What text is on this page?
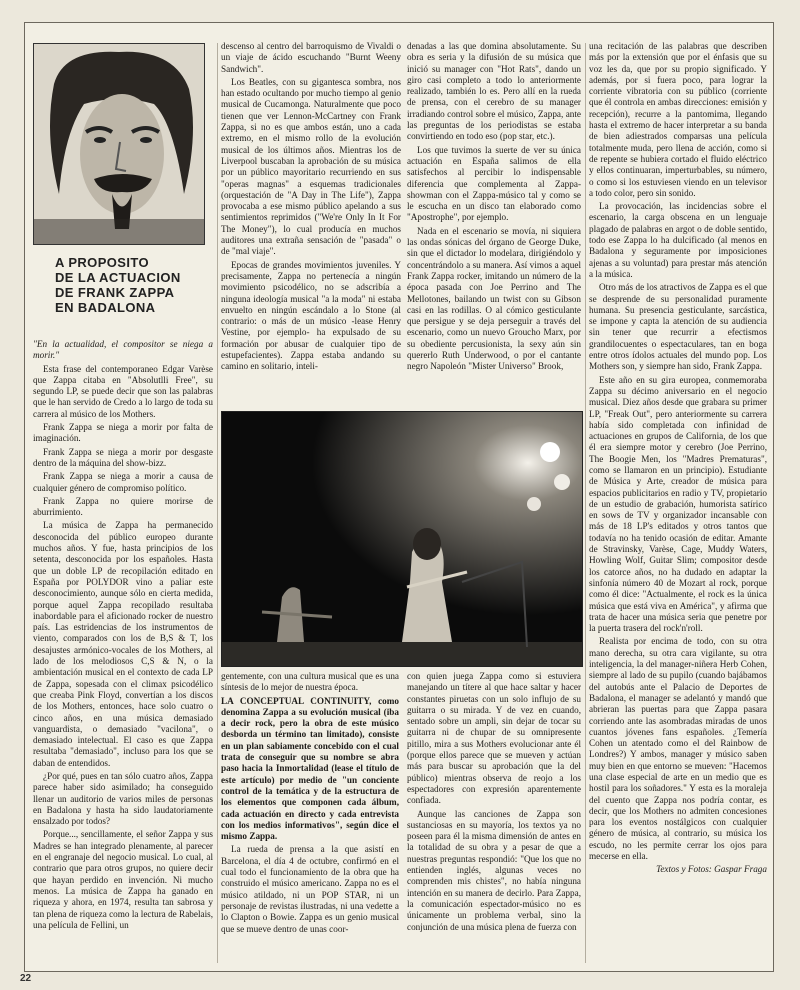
A PROPOSITO
DE LA ACTUACION
DE FRANK ZAPPA
EN BADALONA

"En la actualidad, el compositor se niega a morir."

Esta frase del contemporaneo Edgar Varèse que Zappa citaba en "Absolutlli Free", su segundo LP, se puede decir que son las palabras que le han servido de Credo a lo largo de toda su carrera al músico de los Mothers.

Frank Zappa se niega a morir por falta de imaginación.

Frank Zappa se niega a morir por desgaste dentro de la máquina del show-bizz.

Frank Zappa se niega a morir a causa de cualquier género de compromiso político.

Frank Zappa no quiere morirse de aburrimiento.

La música de Zappa ha permanecido desconocida del público europeo durante muchos años. Y fue, hasta principios de los setenta, desconocida por los españoles. Hasta que un doble LP de recopilación editado en España por POLYDOR vino a paliar este desconocimiento, aunque sólo en cierta medida, porque aquel Zappa recopilado resultaba inabordable para el aficionado rocker de nuestro país. Las estridencias de los instrumentos de viento, comparados con los de B,S & T, los desajustes armónico-vocales de los Mothers, al lado de los melodiosos C,S & N, o la ambientación musical en el contexto de cada LP de Zappa, sopesada con el climax psicodélico que creaba Pink Floyd, convertían a los discos de los Mothers, entonces, hace solo cuatro o cinco años, en una música demasiado vanguardista, o demasiado "vacilona", o demasiado intelectual. El caso es que Zappa resultaba "demasiado", incluso para los que se daban de entendidos.

¿Por qué, pues en tan sólo cuatro años, Zappa parece haber sido asimilado; ha conseguido llenar un auditorio de varios miles de personas en Badalona y hasta ha sido laudatoriamente ensalzado por todos?

Porque..., sencillamente, el señor Zappa y sus Madres se han integrado plenamente, al parecer en el engranaje del negocio musical. Lo cual, al contrario que para otros grupos, no quiere decir que hayan perdido en invención. Ni mucho menos. La música de Zappa ha ganado en riqueza y ahora, en 1974, resulta tan sabrosa y tan plena de riqueza como la lectura de Rabelais, una película de Fellini, un

descenso al centro del barroquismo de Vivaldi o un viaje de ácido escuchando "Burnt Weeny Sandwich".

Los Beatles, con su gigantesca sombra, nos han estado ocultando por mucho tiempo al genio musical de Cucamonga. Naturalmente que poco tienen que ver Lennon-McCartney con Frank Zappa, si no es que ambos están, uno a cada extremo, en el mismo rollo de la evolución musical de los últimos años. Mientras los de Liverpool buscaban la aprobación de su música por un público mayoritario recurriendo en sus "operas magnas" a esquemas tradicionales (orquestación de "A Day in The Life"), Zappa provocaba a ese mismo público apelando a sus sentimientos reprimidos ("We're Only In It For The Money"), lo cual producía en muchos auditores una extraña sensación de "pasada" o de "mal viaje".

Epocas de grandes movimientos juveniles. Y precisamente, Zappa no pertenecía a ningún movimiento psicodélico, no se adscribía a ninguna ideología musical "a la moda" ni estaba envuelto en ningún escándalo a lo Stone (al contrario: o más de un músico -lease Henry Vestine, por ejemplo- ha expulsado de su formación por abusar de cualquier tipo de estupefacientes). Zappa estaba andando su camino en solitario, inteli-

denadas a las que domina absolutamente. Su obra es seria y la difusión de su música que inició su manager con "Hot Rats", dando un giro casi completo a todo lo anteriormente realizado, también lo es. Pero allí en la rueda de prensa, con el cerebro de su manager irradiando control sobre el músico, Zappa, ante las preguntas de los periodistas se estaba convirtiendo en todo eso (pop star, etc.).

Los que tuvimos la suerte de ver su única actuación en España salimos de ella satisfechos al percibir lo indispensable diferencia que complementa al Zappa-showman con el Zappa-músico tal y como se le escucha en un disco tan elaborado como "Apostrophe", por ejemplo.

Nada en el escenario se movía, ni siquiera las ondas sónicas del órgano de George Duke, sin que el dictador lo modelara, dirigiéndolo y concentrándolo a su manera. Así vimos a aquel Frank Zappa rocker, imitando un número de la época pasada con Joe Perrino and The Mellotones, bailando un twist con su Gibson casi en las rodillas. O al cómico gesticulante que persigue y se deja perseguir a través del escenario, como un nuevo Groucho Marx, por su obediente percusionista, la sexy aún sin quererlo Ruth Underwood, o por el cantante negro Napoleón "Mister Universo" Brook,

gentemente, con una cultura musical que es una síntesis de lo mejor de nuestra época.

LA CONCEPTUAL CONTINUITY, como denomina Zappa a su evolución musical (iba a decir rock, pero la obra de este músico desborda un término tan limitado), consiste en un plan sabiamente concebido con el cual trata de conseguir que su nombre se abra paso hacia la Inmortalidad (lease el título de este artículo) por medio de "un conciente control de la temática y de la estructura de los elementos que componen cada álbum, cada actuación en directo y cada entrevista con los medios informativos", según dice el mismo Zappa.

La rueda de prensa a la que asistí en Barcelona, el día 4 de octubre, confirmó en el cual todo el funcionamiento de la obra que ha construido el músico americano. Zappa no es el músico atildado, ni un POP STAR, ni un personaje de revistas ilustradas, ni una vedette a lo Clapton o Bowie. Zappa es un genio musical que se mueve dentro de unas coor-

con quien juega Zappa como si estuviera manejando un títere al que hace saltar y hacer constantes piruetas con un solo influjo de su guitarra o su mirada. Y de vez en cuando, sentado sobre un ampli, sin dejar de tocar su guitarra ni de chupar de su omnipresente pitillo, mira a sus Mothers evolucionar ante él (porque ellos parece que se mueven y actúan más para buscar su aprobación que la del público) mientras observa de reojo a los espectadores con expresión aparentemente confiada.

Aunque las canciones de Zappa son sustanciosas en su mayoría, los textos ya no poseen para él la misma dimensión de antes en la totalidad de su obra y a pesar de que a nuestras preguntas respondió: "Que los que no entienden inglés, algunas veces no comprenden mis chistes", no había ninguna intención en su manera de decirlo. Para Zappa, la comunicación espectador-músico no es únicamente un problema verbal, sino la conjunción de una música plena de fuerza con

una recitación de las palabras que describen más por la extensión que por el énfasis que su voz les da, que por su propio significado. Y además, por si fuera poco, para lograr la corriente vibratoria con su público (corriente que él controla en ambas direcciones: emisión y recepción), recurre a la pantomima, llegando hasta el extremo de hacer interpretar a su banda de bien adiestrados comparsas una película totalmente muda, pero llena de acción, como si de repente se hubiera cortado el fluido eléctrico y ellos continuaran, imperturbables, su número, o como si los estuviesen viendo en un televisor a todo color, pero sin sonido.

La provocación, las incidencias sobre el escenario, la carga obscena en un lenguaje plagado de palabras en argot o de doble sentido, todo ese Zappa lo ha dulcificado (al menos en Badalona y seguramente por imposiciones ajenas a su voluntad) para prestar más atención a la música.

Otro más de los atractivos de Zappa es el que se desprende de su personalidad puramente humana. Su presencia gesticulante, sarcástica, se impone y capta la atención de su audiencia sin tener que recurrir a efectismos grandilocuentes o espectaculares, tan en boga entre otros ídolos actuales del mundo pop. Los Mothers son, y siempre han sido, Frank Zappa.

Este año en su gira europea, conmemoraba Zappa su décimo aniversario en el negocio musical. Diez años desde que grabara su primer LP, "Freak Out", pero anteriormente su carrera había sido completada con infinidad de actuaciones en grupos de California, de los que él era siempre motor y cerebro (Joe Perrino, The Boogie Men, los "Madres Prematuras", como se llamaron en un principio). Estudiante de Música y Arte, creador de música para espacios publicitarios en radio y TV, propietario de un estudio de grabación, humorista satírico en sows de TV y organizador incansable con más de 18 LP's editados y otros tantos que todavía no ha tenido ocasión de editar. Amante de Stravinsky, Varèse, Cage, Muddy Waters, Howling Wolf, Guitar Slim; compositor desde los catorce años, no ha dudado en adaptar la sinfonía número 40 de Mozart al rock, porque como él dice: "Actualmente, el rock es la única música que está viva en América", y afirma que trata de hacer una música seria que penetre por la puerta trasera del rock'n'roll.

Realista por encima de todo, con su otra mano derecha, su otra cara vigilante, su otra inteligencia, la del manager-niñera Herb Cohen, siempre al lado de su pupilo (cuando bajábamos del autobús ante el Palacio de Deportes de Badalona, el manager se adelantó y mandó que abrieran las puertas para que Zappa pasara corriendo ante las asombradas miradas de unos cuantos jóvenes fans españoles. ¿Temería Cohen un atentado como el del Rainbow de Londres?) Y ambos, manager y músico saben muy bien en que entorno se mueven: "Hacemos una clase especial de arte en un medio que es hostil para los soñadores." Y esta es la moraleja del cuento que Zappa nos podría contar, es decir, que los Mothers no admiten concesiones para los eventos nostálgicos con cualquier género de música, al contrario, su música los escudo, no les permite cerrar los ojos para mecerse en ella.

Textos y Fotos: Gaspar Fraga

22
